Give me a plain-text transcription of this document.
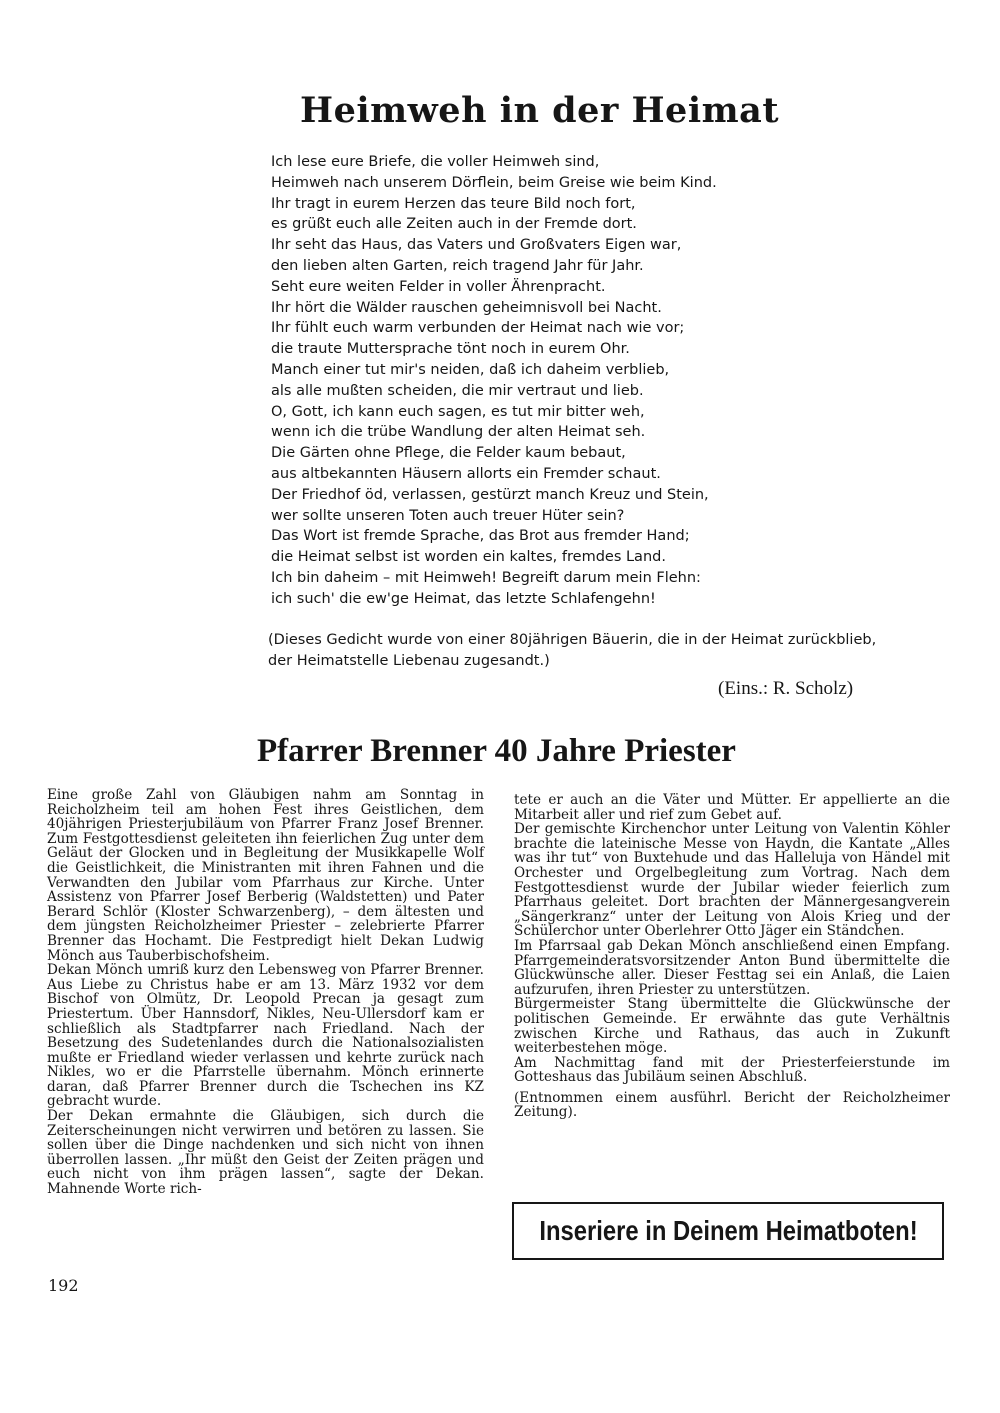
Heimweh in der Heimat
Ich lese eure Briefe, die voller Heimweh sind,
Heimweh nach unserem Dörflein, beim Greise wie beim Kind.
Ihr tragt in eurem Herzen das teure Bild noch fort,
es grüßt euch alle Zeiten auch in der Fremde dort.
Ihr seht das Haus, das Vaters und Großvaters Eigen war,
den lieben alten Garten, reich tragend Jahr für Jahr.
Seht eure weiten Felder in voller Ährenpracht.
Ihr hört die Wälder rauschen geheimnisvoll bei Nacht.
Ihr fühlt euch warm verbunden der Heimat nach wie vor;
die traute Muttersprache tönt noch in eurem Ohr.
Manch einer tut mir's neiden, daß ich daheim verblieb,
als alle mußten scheiden, die mir vertraut und lieb.
O, Gott, ich kann euch sagen, es tut mir bitter weh,
wenn ich die trübe Wandlung der alten Heimat seh.
Die Gärten ohne Pflege, die Felder kaum bebaut,
aus altbekannten Häusern allorts ein Fremder schaut.
Der Friedhof öd, verlassen, gestürzt manch Kreuz und Stein,
wer sollte unseren Toten auch treuer Hüter sein?
Das Wort ist fremde Sprache, das Brot aus fremder Hand;
die Heimat selbst ist worden ein kaltes, fremdes Land.
Ich bin daheim – mit Heimweh! Begreift darum mein Flehn:
ich such' die ew'ge Heimat, das letzte Schlafengehn!

(Dieses Gedicht wurde von einer 80jährigen Bäuerin, die in der Heimat zurückblieb, der Heimatstelle Liebenau zugesandt.)

(Eins.: R. Scholz)

Pfarrer Brenner 40 Jahre Priester

Eine große Zahl von Gläubigen nahm am Sonntag in Reicholzheim teil am hohen Fest ihres Geistlichen, dem 40jährigen Priesterjubiläum von Pfarrer Franz Josef Brenner. Zum Festgottesdienst geleiteten ihn feierlichen Zug unter dem Geläut der Glocken und in Begleitung der Musikkapelle Wolf die Geistlichkeit, die Ministranten mit ihren Fahnen und die Verwandten den Jubilar vom Pfarrhaus zur Kirche. Unter Assistenz von Pfarrer Josef Berberig (Waldstetten) und Pater Berard Schlör (Kloster Schwarzenberg), – dem ältesten und dem jüngsten Reicholzheimer Priester – zelebrierte Pfarrer Brenner das Hochamt. Die Festpredigt hielt Dekan Ludwig Mönch aus Tauberbischofsheim.

Dekan Mönch umriß kurz den Lebensweg von Pfarrer Brenner. Aus Liebe zu Christus habe er am 13. März 1932 vor dem Bischof von Olmütz, Dr. Leopold Precan ja gesagt zum Priestertum. Über Hannsdorf, Nikles, Neu-Ullersdorf kam er schließlich als Stadtpfarrer nach Friedland. Nach der Besetzung des Sudetenlandes durch die Nationalsozialisten mußte er Friedland wieder verlassen und kehrte zurück nach Nikles, wo er die Pfarrstelle übernahm. Mönch erinnerte daran, daß Pfarrer Brenner durch die Tschechen ins KZ gebracht wurde.

Der Dekan ermahnte die Gläubigen, sich durch die Zeiterscheinungen nicht verwirren und betören zu lassen. Sie sollen über die Dinge nachdenken und sich nicht von ihnen überrollen lassen. „Ihr müßt den Geist der Zeiten prägen und euch nicht von ihm prägen lassen“, sagte der Dekan. Mahnende Worte rich-

tete er auch an die Väter und Mütter. Er appellierte an die Mitarbeit aller und rief zum Gebet auf.

Der gemischte Kirchenchor unter Leitung von Valentin Köhler brachte die lateinische Messe von Haydn, die Kantate „Alles was ihr tut“ von Buxtehude und das Halleluja von Händel mit Orchester und Orgelbegleitung zum Vortrag. Nach dem Festgottesdienst wurde der Jubilar wieder feierlich zum Pfarrhaus geleitet. Dort brachten der Männergesangverein „Sängerkranz“ unter der Leitung von Alois Krieg und der Schülerchor unter Oberlehrer Otto Jäger ein Ständchen.

Im Pfarrsaal gab Dekan Mönch anschließend einen Empfang. Pfarrgemeinderatsvorsitzender Anton Bund übermittelte die Glückwünsche aller. Dieser Festtag sei ein Anlaß, die Laien aufzurufen, ihren Priester zu unterstützen.

Bürgermeister Stang übermittelte die Glückwünsche der politischen Gemeinde. Er erwähnte das gute Verhältnis zwischen Kirche und Rathaus, das auch in Zukunft weiterbestehen möge.

Am Nachmittag fand mit der Priesterfeierstunde im Gotteshaus das Jubiläum seinen Abschluß.

(Entnommen einem ausführl. Bericht der Reicholzheimer Zeitung).

Inseriere in Deinem Heimatboten!

192
